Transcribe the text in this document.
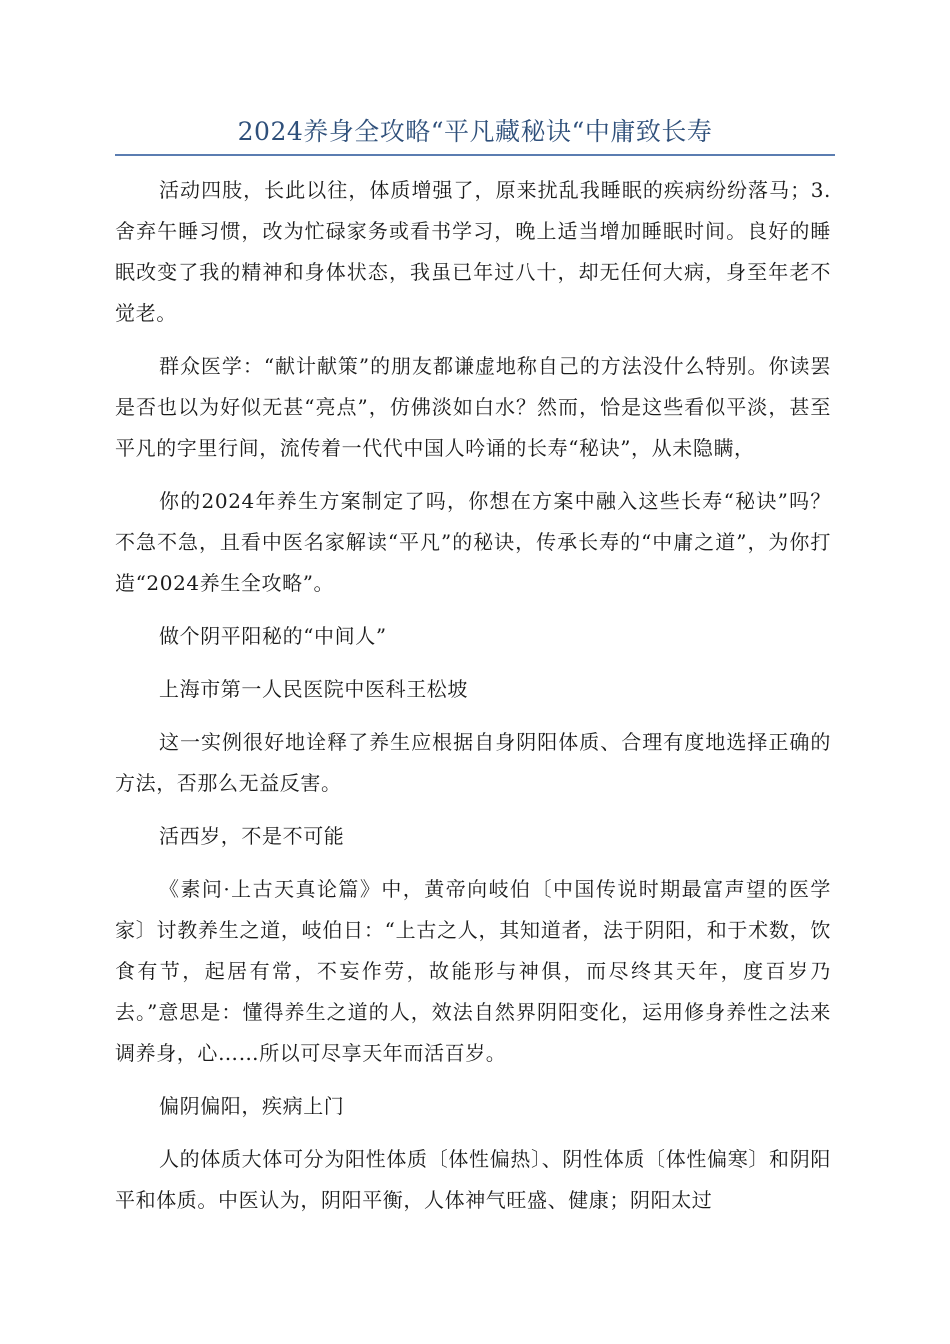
2024养身全攻略“平凡藏秘诀“中庸致长寿

活动四肢，长此以往，体质增强了，原来扰乱我睡眠的疾病纷纷落马；3.舍弃午睡习惯，改为忙碌家务或看书学习，晚上适当增加睡眠时间。良好的睡眠改变了我的精神和身体状态，我虽已年过八十，却无任何大病，身至年老不觉老。

群众医学：“献计献策”的朋友都谦虚地称自己的方法没什么特别。你读罢是否也以为好似无甚“亮点”，仿佛淡如白水？然而，恰是这些看似平淡，甚至平凡的字里行间，流传着一代代中国人吟诵的长寿“秘诀”，从未隐瞒，

你的2024年养生方案制定了吗，你想在方案中融入这些长寿“秘诀”吗？不急不急，且看中医名家解读“平凡”的秘诀，传承长寿的“中庸之道”，为你打造“2024养生全攻略”。

做个阴平阳秘的“中间人”

上海市第一人民医院中医科王松坡

这一实例很好地诠释了养生应根据自身阴阳体质、合理有度地选择正确的方法，否那么无益反害。

活西岁，不是不可能

《素问·上古天真论篇》中，黄帝向岐伯〔中国传说时期最富声望的医学家〕讨教养生之道，岐伯日：“上古之人，其知道者，法于阴阳，和于术数，饮食有节，起居有常，不妄作劳，故能形与神俱，而尽终其天年，度百岁乃去。”意思是：懂得养生之道的人，效法自然界阴阳变化，运用修身养性之法来调养身，心……所以可尽享天年而活百岁。

偏阴偏阳，疾病上门

人的体质大体可分为阳性体质〔体性偏热〕、阴性体质〔体性偏寒〕和阴阳平和体质。中医认为，阴阳平衡，人体神气旺盛、健康；阴阳太过
